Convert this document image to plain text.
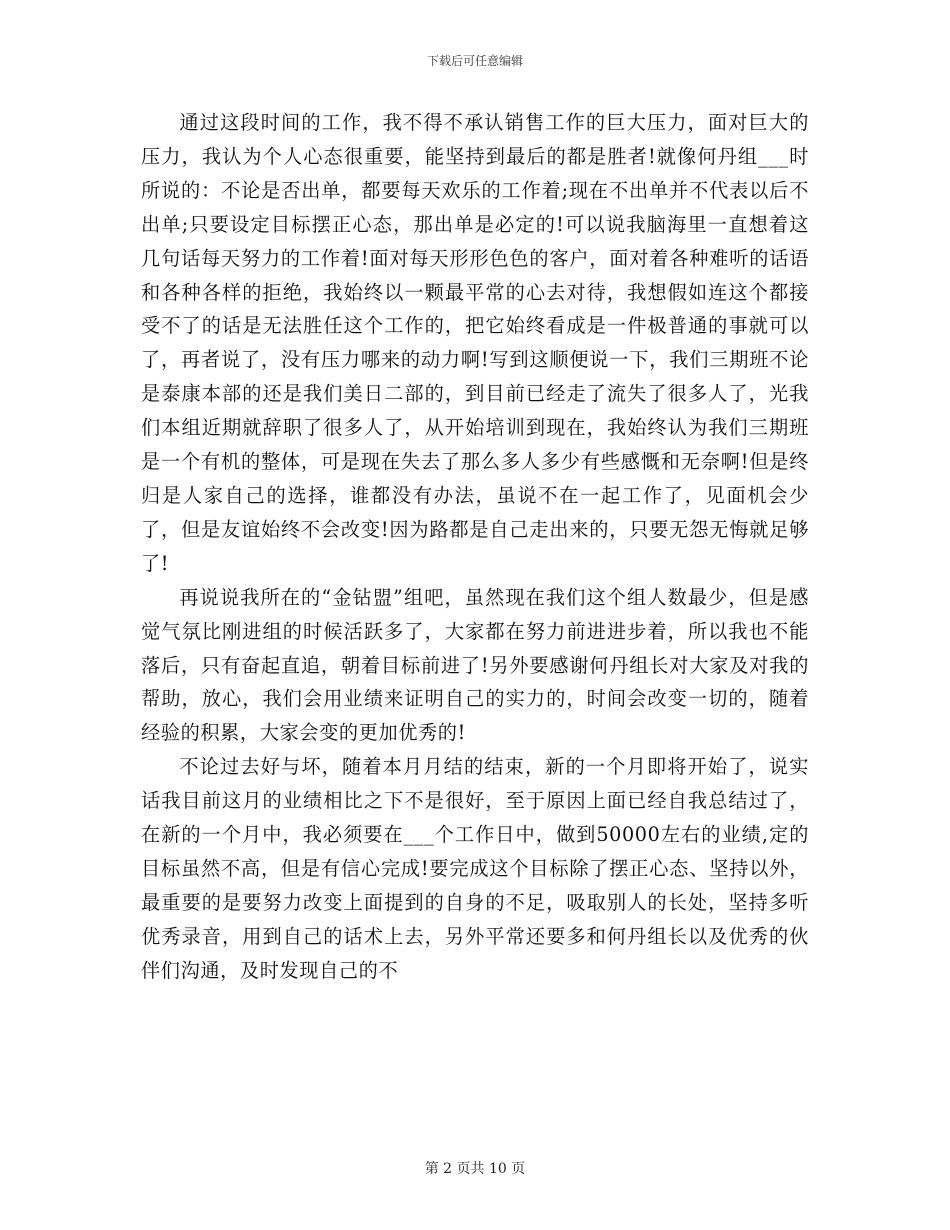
下载后可任意编辑

通过这段时间的工作，我不得不承认销售工作的巨大压力，面对巨大的压力，我认为个人心态很重要，能坚持到最后的都是胜者!就像何丹组___时所说的：不论是否出单，都要每天欢乐的工作着;现在不出单并不代表以后不出单;只要设定目标摆正心态，那出单是必定的!可以说我脑海里一直想着这几句话每天努力的工作着!面对每天形形色色的客户，面对着各种难听的话语和各种各样的拒绝，我始终以一颗最平常的心去对待，我想假如连这个都接受不了的话是无法胜任这个工作的，把它始终看成是一件极普通的事就可以了，再者说了，没有压力哪来的动力啊!写到这顺便说一下，我们三期班不论是泰康本部的还是我们美日二部的，到目前已经走了流失了很多人了，光我们本组近期就辞职了很多人了，从开始培训到现在，我始终认为我们三期班是一个有机的整体，可是现在失去了那么多人多少有些感慨和无奈啊!但是终归是人家自己的选择，谁都没有办法，虽说不在一起工作了，见面机会少了，但是友谊始终不会改变!因为路都是自己走出来的，只要无怨无悔就足够了!

再说说我所在的“金钻盟”组吧，虽然现在我们这个组人数最少，但是感觉气氛比刚进组的时候活跃多了，大家都在努力前进进步着，所以我也不能落后，只有奋起直追，朝着目标前进了!另外要感谢何丹组长对大家及对我的帮助，放心，我们会用业绩来证明自己的实力的，时间会改变一切的，随着经验的积累，大家会变的更加优秀的!

不论过去好与坏，随着本月月结的结束，新的一个月即将开始了，说实话我目前这月的业绩相比之下不是很好，至于原因上面已经自我总结过了，在新的一个月中，我必须要在___个工作日中，做到50000左右的业绩,定的目标虽然不高，但是有信心完成!要完成这个目标除了摆正心态、坚持以外，最重要的是要努力改变上面提到的自身的不足，吸取别人的长处，坚持多听优秀录音，用到自己的话术上去，另外平常还要多和何丹组长以及优秀的伙伴们沟通，及时发现自己的不

第 2 页共 10 页
